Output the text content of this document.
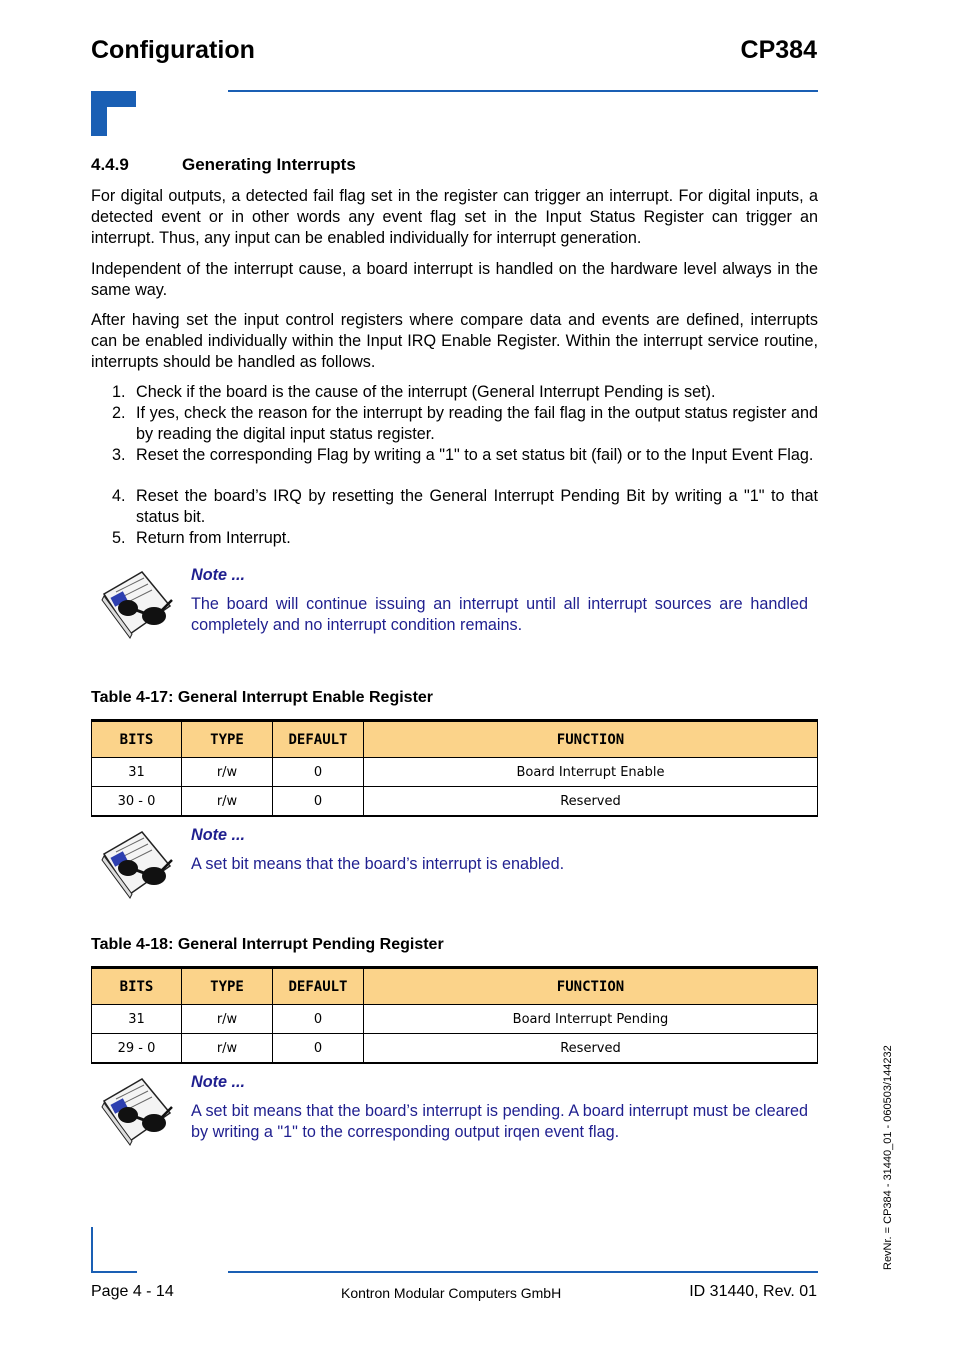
Configuration	CP384
4.4.9	Generating Interrupts
For digital outputs, a detected fail flag set in the register can trigger an interrupt. For digital inputs, a detected event or in other words any event flag set in the Input Status Register can trigger an interrupt. Thus, any input can be enabled individually for interrupt generation.
Independent of the interrupt cause, a board interrupt is handled on the hardware level always in the same way.
After having set the input control registers where compare data and events are defined, interrupts can be enabled individually within the Input IRQ Enable Register. Within the interrupt service routine, interrupts should be handled as follows.
1. Check if the board is the cause of the interrupt (General Interrupt Pending is set).
2. If yes, check the reason for the interrupt by reading the fail flag in the output status register and by reading the digital input status register.
3. Reset the corresponding Flag by writing a "1" to a set status bit (fail) or to the Input Event Flag.
4. Reset the board’s IRQ by resetting the General Interrupt Pending Bit by writing a "1" to that status bit.
5. Return from Interrupt.
Note ...
The board will continue issuing an interrupt until all interrupt sources are handled completely and no interrupt condition remains.
Table 4-17: General Interrupt Enable Register
BITS	TYPE	DEFAULT	FUNCTION
31	r/w	0	Board Interrupt Enable
30 - 0	r/w	0	Reserved
Note ...
A set bit means that the board’s interrupt is enabled.
Table 4-18: General Interrupt Pending Register
BITS	TYPE	DEFAULT	FUNCTION
31	r/w	0	Board Interrupt Pending
29 - 0	r/w	0	Reserved
Note ...
A set bit means that the board’s interrupt is pending. A board interrupt must be cleared by writing a "1" to the corresponding output irqen event flag.
Page 4 - 14	Kontron Modular Computers GmbH	ID 31440, Rev. 01
RevNr. = CP384 - 31440_01 - 060503/144232
